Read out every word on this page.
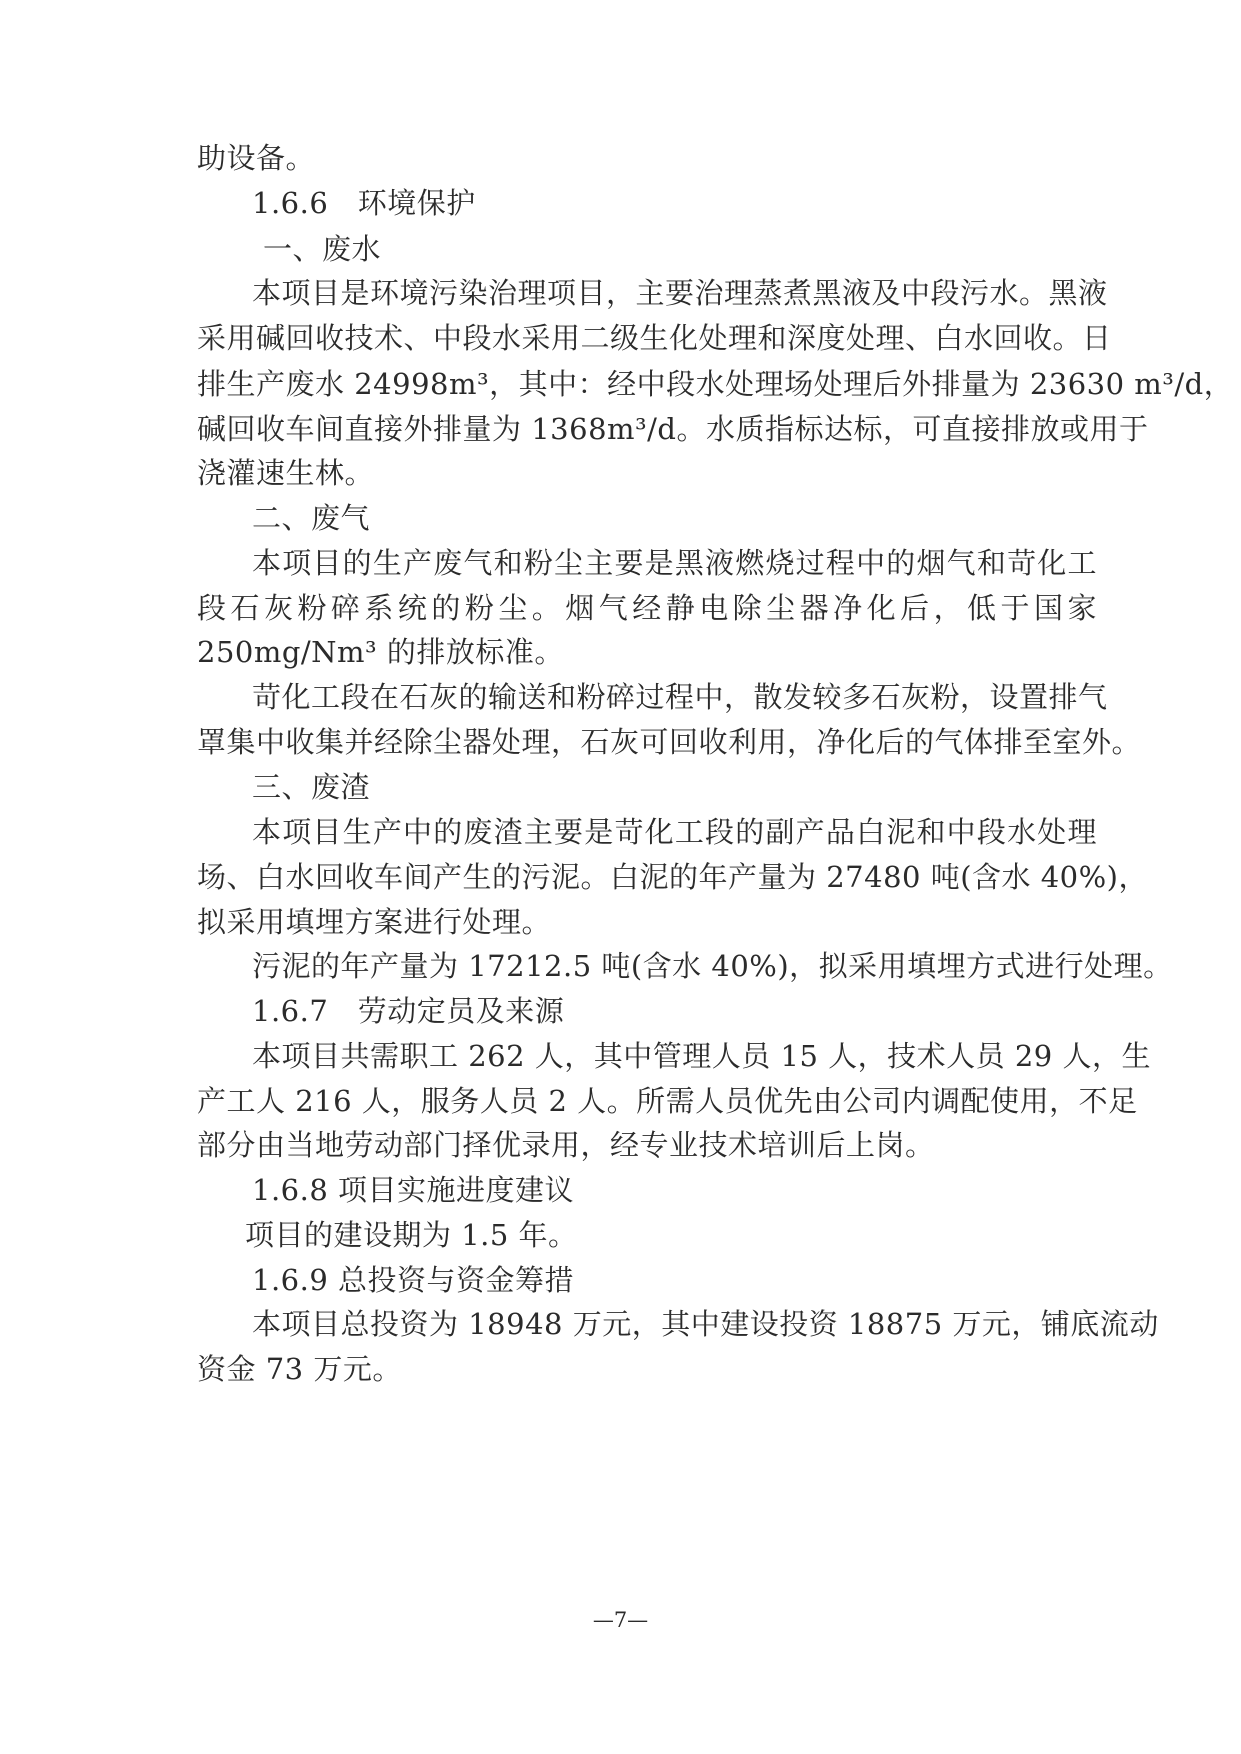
助设备。
1.6.6　环境保护
一、废水
本项目是环境污染治理项目，主要治理蒸煮黑液及中段污水。黑液
采用碱回收技术、中段水采用二级生化处理和深度处理、白水回收。日
排生产废水 24998m³，其中：经中段水处理场处理后外排量为 23630 m³/d，
碱回收车间直接外排量为 1368m³/d。水质指标达标，可直接排放或用于
浇灌速生林。
二、废气
本项目的生产废气和粉尘主要是黑液燃烧过程中的烟气和苛化工
段石灰粉碎系统的粉尘。烟气经静电除尘器净化后，低于国家
250mg/Nm³ 的排放标准。
苛化工段在石灰的输送和粉碎过程中，散发较多石灰粉，设置排气
罩集中收集并经除尘器处理，石灰可回收利用，净化后的气体排至室外。
三、废渣
本项目生产中的废渣主要是苛化工段的副产品白泥和中段水处理
场、白水回收车间产生的污泥。白泥的年产量为 27480 吨(含水 40%)，
拟采用填埋方案进行处理。
污泥的年产量为 17212.5 吨(含水 40%)，拟采用填埋方式进行处理。
1.6.7　劳动定员及来源
本项目共需职工 262 人，其中管理人员 15 人，技术人员 29 人，生
产工人 216 人，服务人员 2 人。所需人员优先由公司内调配使用，不足
部分由当地劳动部门择优录用，经专业技术培训后上岗。
1.6.8 项目实施进度建议
项目的建设期为 1.5 年。
1.6.9 总投资与资金筹措
本项目总投资为 18948 万元，其中建设投资 18875 万元，铺底流动
资金 73 万元。
—7—
